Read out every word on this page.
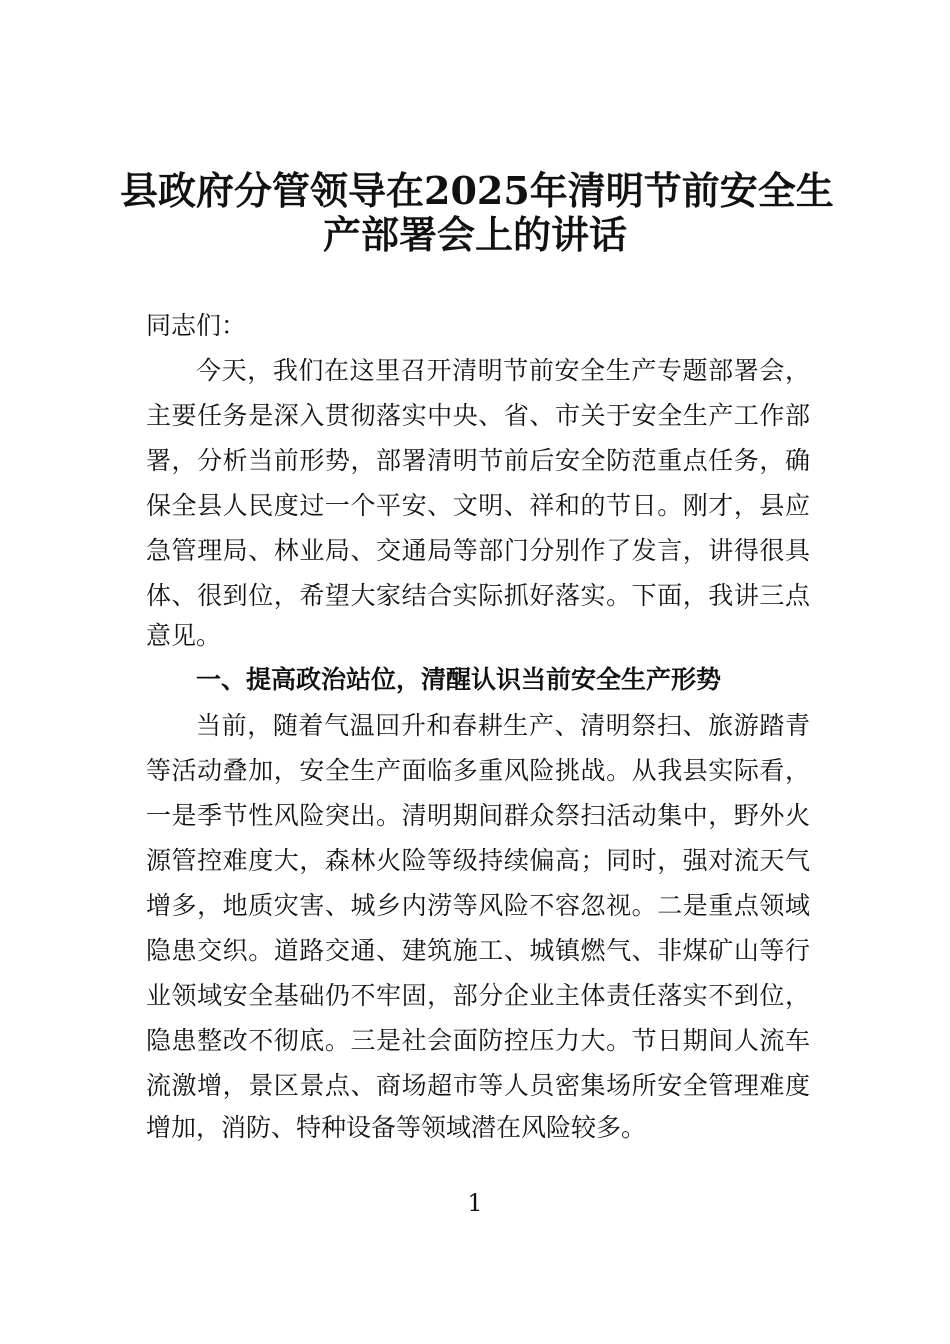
县政府分管领导在2025年清明节前安全生
产部署会上的讲话

同志们：

今天，我们在这里召开清明节前安全生产专题部署会，

主要任务是深入贯彻落实中央、省、市关于安全生产工作部

署，分析当前形势，部署清明节前后安全防范重点任务，确

保全县人民度过一个平安、文明、祥和的节日。刚才，县应

急管理局、林业局、交通局等部门分别作了发言，讲得很具

体、很到位，希望大家结合实际抓好落实。下面，我讲三点

意见。

一、提高政治站位，清醒认识当前安全生产形势

当前，随着气温回升和春耕生产、清明祭扫、旅游踏青

等活动叠加，安全生产面临多重风险挑战。从我县实际看，

一是季节性风险突出。清明期间群众祭扫活动集中，野外火

源管控难度大，森林火险等级持续偏高；同时，强对流天气

增多，地质灾害、城乡内涝等风险不容忽视。二是重点领域

隐患交织。道路交通、建筑施工、城镇燃气、非煤矿山等行

业领域安全基础仍不牢固，部分企业主体责任落实不到位，

隐患整改不彻底。三是社会面防控压力大。节日期间人流车

流激增，景区景点、商场超市等人员密集场所安全管理难度

增加，消防、特种设备等领域潜在风险较多。

1
